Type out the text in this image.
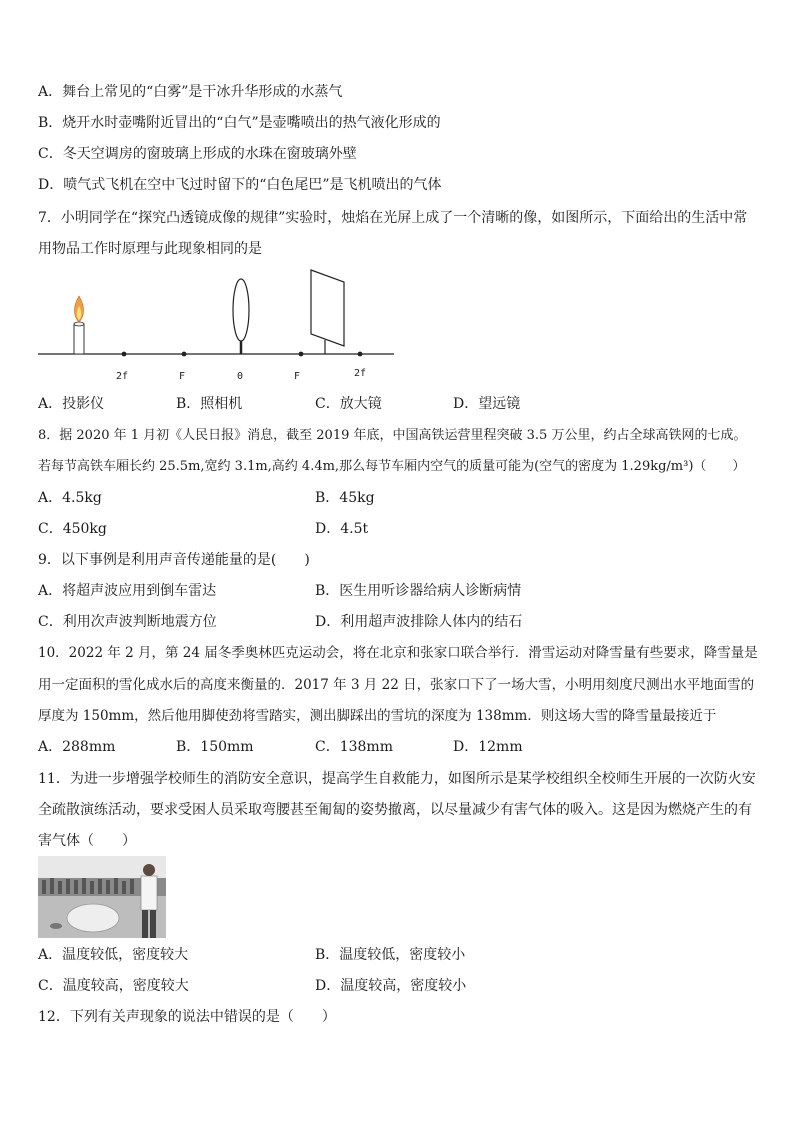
A．舞台上常见的“白雾”是干冰升华形成的水蒸气
B．烧开水时壶嘴附近冒出的“白气”是壶嘴喷出的热气液化形成的
C．冬天空调房的窗玻璃上形成的水珠在窗玻璃外壁
D．喷气式飞机在空中飞过时留下的“白色尾巴”是飞机喷出的气体
7．小明同学在“探究凸透镜成像的规律”实验时，烛焰在光屏上成了一个清晰的像，如图所示，下面给出的生活中常
用物品工作时原理与此现象相同的是
2f	F	0	F	2f
A．投影仪	B．照相机	C．放大镜	D．望远镜
8．据 2020 年 1 月初《人民日报》消息，截至 2019 年底，中国高铁运营里程突破 3.5 万公里，约占全球高铁网的七成。
若每节高铁车厢长约 25.5m,宽约 3.1m,高约 4.4m,那么每节车厢内空气的质量可能为(空气的密度为 1.29kg/m³)（　　）
A．4.5kg	B．45kg
C．450kg	D．4.5t
9．以下事例是利用声音传递能量的是(　　)
A．将超声波应用到倒车雷达	B．医生用听诊器给病人诊断病情
C．利用次声波判断地震方位	D．利用超声波排除人体内的结石
10．2022 年 2 月，第 24 届冬季奥林匹克运动会，将在北京和张家口联合举行．滑雪运动对降雪量有些要求，降雪量是
用一定面积的雪化成水后的高度来衡量的．2017 年 3 月 22 日，张家口下了一场大雪，小明用刻度尺测出水平地面雪的
厚度为 150mm，然后他用脚使劲将雪踏实，测出脚踩出的雪坑的深度为 138mm．则这场大雪的降雪量最接近于
A．288mm	B．150mm	C．138mm	D．12mm
11．为进一步增强学校师生的消防安全意识，提高学生自救能力，如图所示是某学校组织全校师生开展的一次防火安
全疏散演练活动，要求受困人员采取弯腰甚至匍匐的姿势撤离，以尽量减少有害气体的吸入。这是因为燃烧产生的有
害气体（　　）
A．温度较低，密度较大	B．温度较低，密度较小
C．温度较高，密度较大	D．温度较高，密度较小
12．下列有关声现象的说法中错误的是（　　）
